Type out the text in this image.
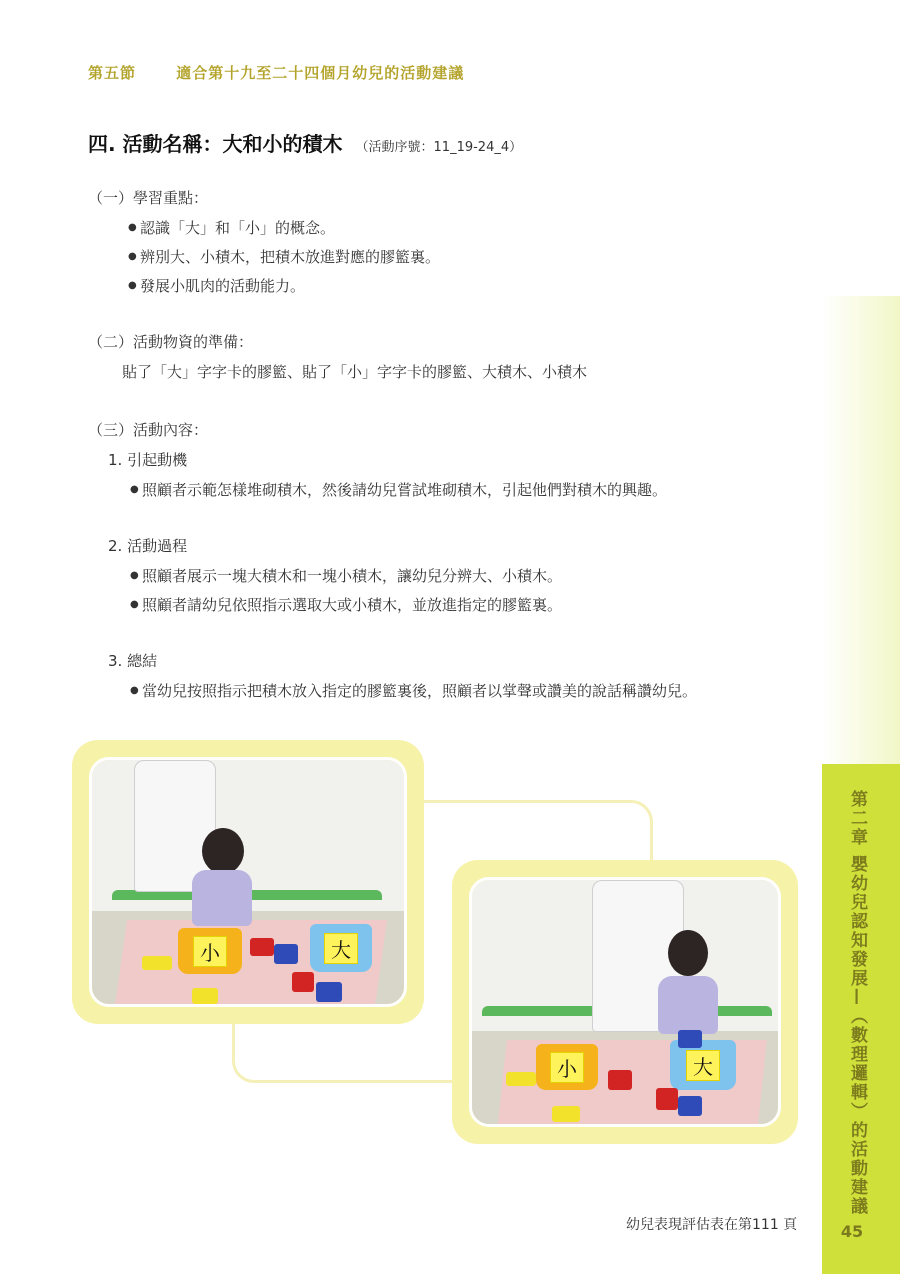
第二章 嬰幼兒認知發展—（數理邏輯）的活動建議
第五節	適合第十九至二十四個月幼兒的活動建議
四. 活動名稱：大和小的積木 （活動序號：11_19-24_4）

（一）學習重點：

● 認識「大」和「小」的概念。
● 辨別大、小積木，把積木放進對應的膠籃裏。
● 發展小肌肉的活動能力。

（二）活動物資的準備：

貼了「大」字字卡的膠籃、貼了「小」字字卡的膠籃、大積木、小積木

（三）活動內容：

1. 引起動機

● 照顧者示範怎樣堆砌積木，然後請幼兒嘗試堆砌積木，引起他們對積木的興趣。

2. 活動過程

● 照顧者展示一塊大積木和一塊小積木，讓幼兒分辨大、小積木。
● 照顧者請幼兒依照指示選取大或小積木，並放進指定的膠籃裏。

3. 總結

● 當幼兒按照指示把積木放入指定的膠籃裏後，照顧者以掌聲或讚美的說話稱讚幼兒。
小	大
小	大
幼兒表現評估表在第111 頁	45
